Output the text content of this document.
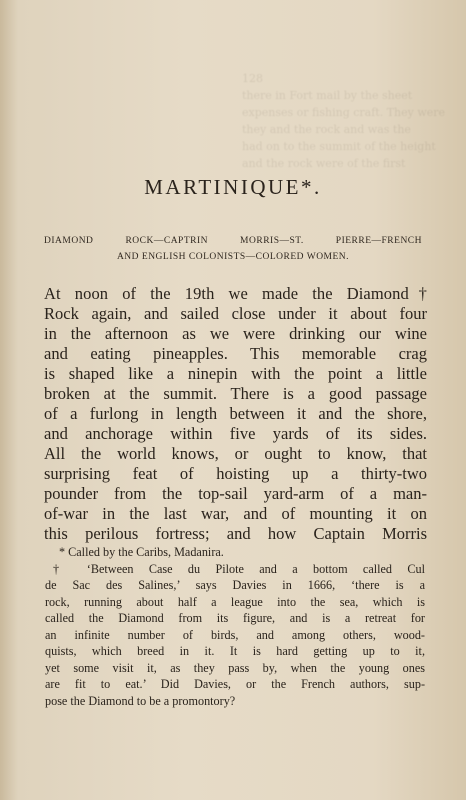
128
there in Fort mail by the sheet
expenses or fishing craft. They were
they and the rock and was the
had on to the summit of the height
and the rock were of the first
MARTINIQUE*.
DIAMOND ROCK—CAPTRIN MORRIS—ST. PIERRE—FRENCH
AND ENGLISH COLONISTS—COLORED WOMEN.
At noon of the 19th we made the Diamond†
Rock again, and sailed close under it about four
in the afternoon as we were drinking our wine
and eating pineapples. This memorable crag
is shaped like a ninepin with the point a little
broken at the summit. There is a good passage
of a furlong in length between it and the shore,
and anchorage within five yards of its sides.
All the world knows, or ought to know, that
surprising feat of hoisting up a thirty-two
pounder from the top-sail yard-arm of a man-
of-war in the last war, and of mounting it on
this perilous fortress; and how Captain Morris
* Called by the Caribs, Madanira.
† ‘Between Case du Pilote and a bottom called Cul
de Sac des Salines,’ says Davies in 1666, ‘there is a
rock, running about half a league into the sea, which is
called the Diamond from its figure, and is a retreat for
an infinite number of birds, and among others, wood-
quists, which breed in it. It is hard getting up to it,
yet some visit it, as they pass by, when the young ones
are fit to eat.’ Did Davies, or the French authors, sup-
pose the Diamond to be a promontory?
